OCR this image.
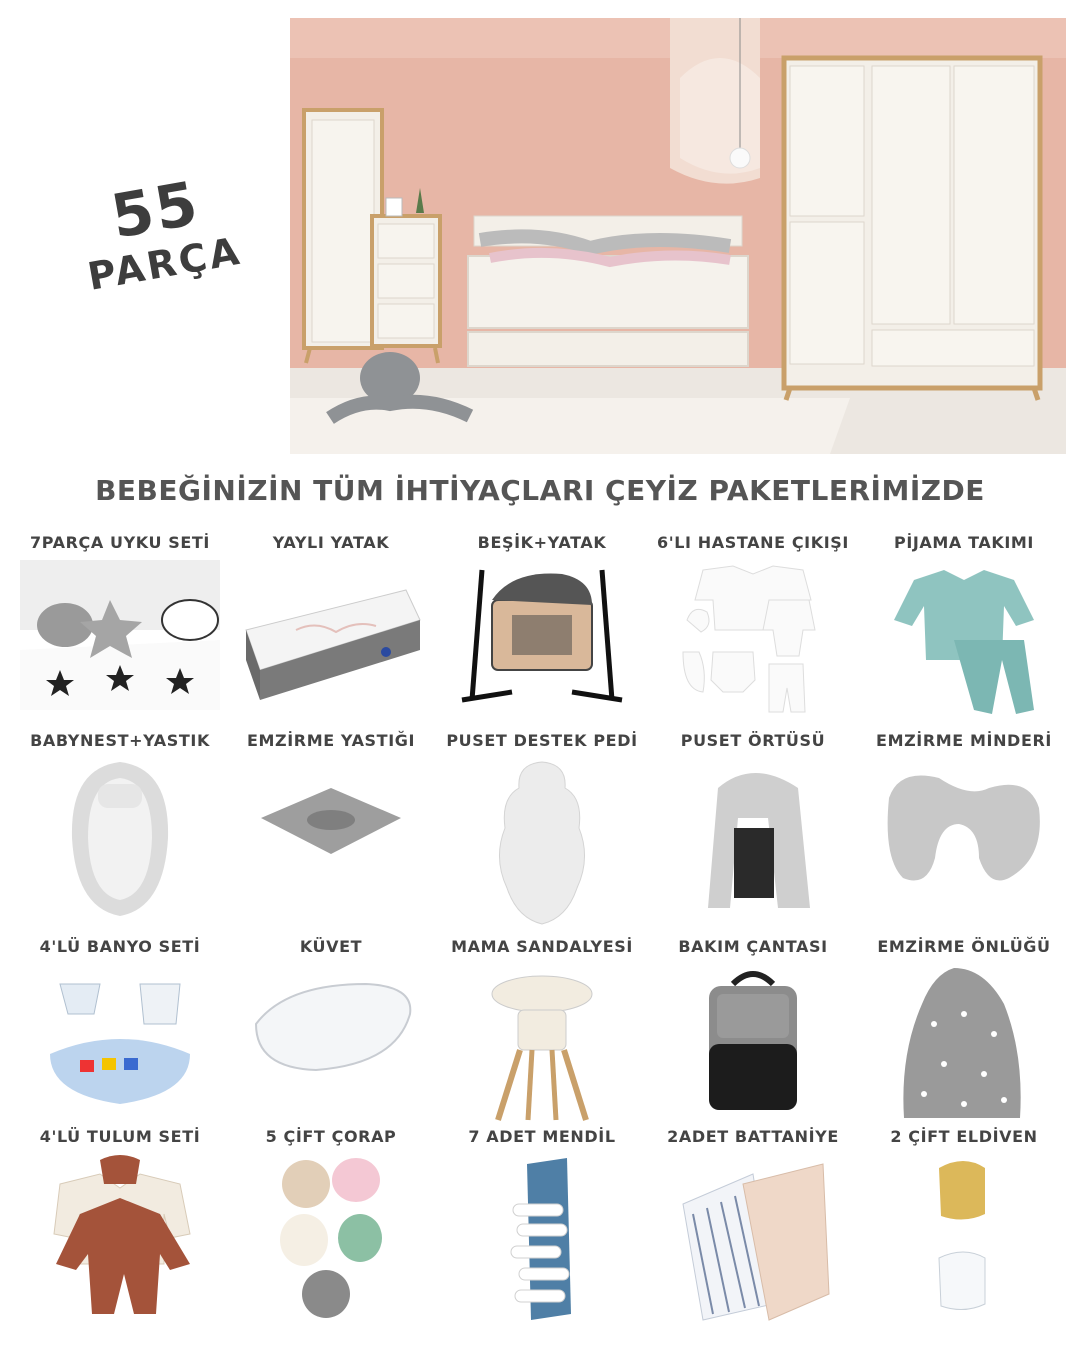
55
PARÇA
BEBEĞİNİZİN TÜM İHTİYAÇLARI ÇEYİZ PAKETLERİMİZDE
7PARÇA UYKU SETİ	YAYLI YATAK	BEŞİK+YATAK	6'LI HASTANE ÇIKIŞI	PİJAMA TAKIMI
BABYNEST+YASTIK	EMZİRME YASTIĞI	PUSET DESTEK PEDİ	PUSET ÖRTÜSÜ	EMZİRME MİNDERİ
4'LÜ BANYO SETİ	KÜVET	MAMA SANDALYESİ	BAKIM ÇANTASI	EMZİRME ÖNLÜĞÜ
4'LÜ TULUM SETİ	5 ÇİFT ÇORAP	7 ADET MENDİL	2ADET BATTANİYE	2 ÇİFT ELDİVEN
